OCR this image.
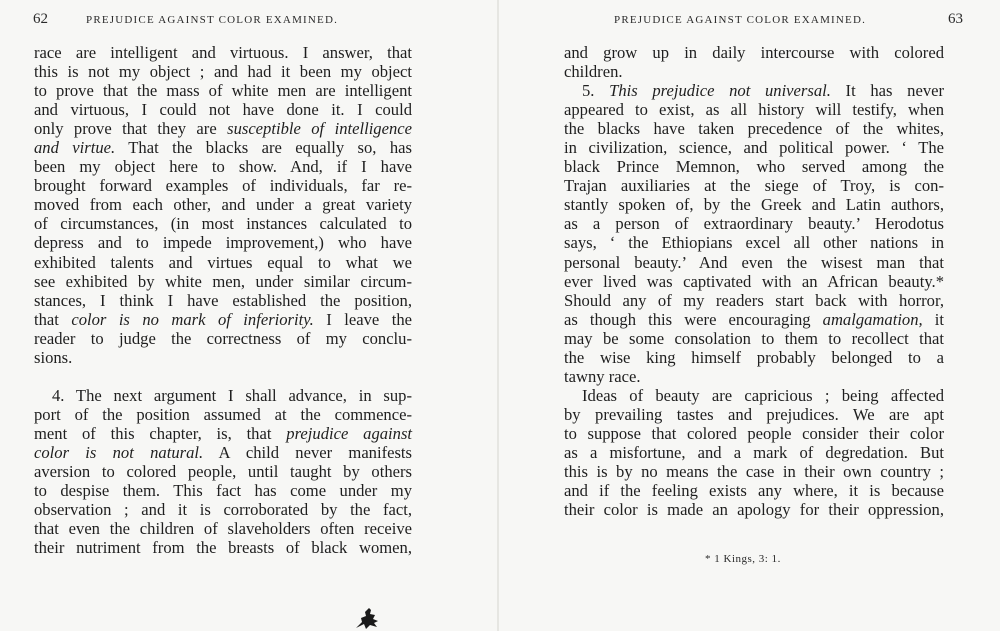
62	PREJUDICE AGAINST COLOR EXAMINED.
race are intelligent and virtuous. I answer, that
this is not my object ; and had it been my object
to prove that the mass of white men are intelligent
and virtuous, I could not have done it. I could
only prove that they are susceptible of intelligence
and virtue. That the blacks are equally so, has
been my object here to show. And, if I have
brought forward examples of individuals, far re-
moved from each other, and under a great variety
of circumstances, (in most instances calculated to
depress and to impede improvement,) who have
exhibited talents and virtues equal to what we
see exhibited by white men, under similar circum-
stances, I think I have established the position,
that color is no mark of inferiority. I leave the
reader to judge the correctness of my conclu-
sions.
4. The next argument I shall advance, in sup-
port of the position assumed at the commence-
ment of this chapter, is, that prejudice against
color is not natural. A child never manifests
aversion to colored people, until taught by others
to despise them. This fact has come under my
observation ; and it is corroborated by the fact,
that even the children of slaveholders often receive
their nutriment from the breasts of black women,
PREJUDICE AGAINST COLOR EXAMINED.	63
and grow up in daily intercourse with colored
children.
5. This prejudice not universal. It has never
appeared to exist, as all history will testify, when
the blacks have taken precedence of the whites,
in civilization, science, and political power. ‘ The
black Prince Memnon, who served among the
Trajan auxiliaries at the siege of Troy, is con-
stantly spoken of, by the Greek and Latin authors,
as a person of extraordinary beauty.’ Herodotus
says, ‘ the Ethiopians excel all other nations in
personal beauty.’ And even the wisest man that
ever lived was captivated with an African beauty.*
Should any of my readers start back with horror,
as though this were encouraging amalgamation, it
may be some consolation to them to recollect that
the wise king himself probably belonged to a
tawny race.
Ideas of beauty are capricious ; being affected
by prevailing tastes and prejudices. We are apt
to suppose that colored people consider their color
as a misfortune, and a mark of degredation. But
this is by no means the case in their own country ;
and if the feeling exists any where, it is because
their color is made an apology for their oppression,
* 1 Kings, 3: 1.
